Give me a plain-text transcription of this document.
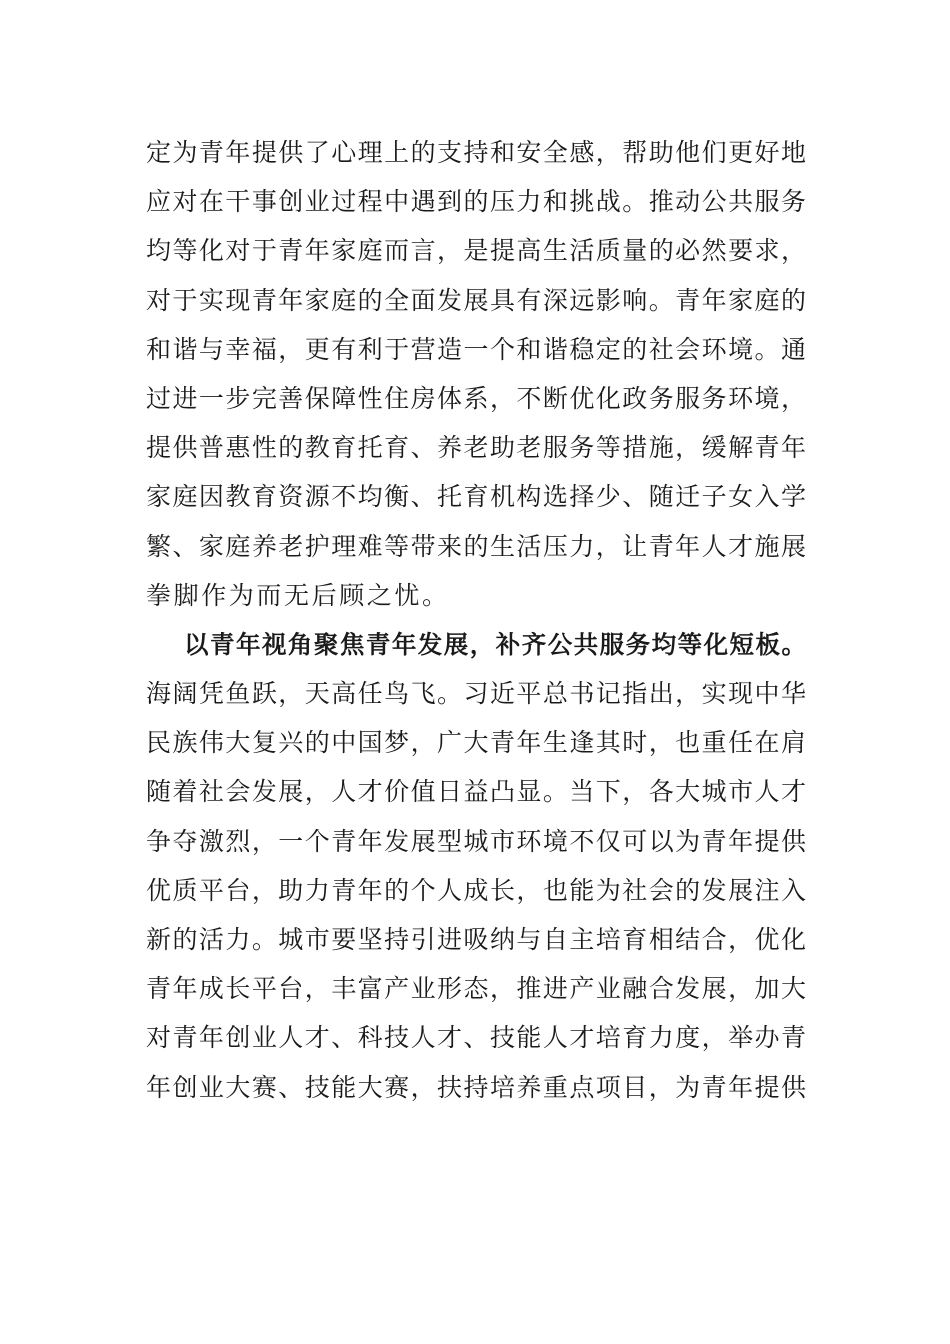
定为青年提供了心理上的支持和安全感，帮助他们更好地
应对在干事创业过程中遇到的压力和挑战。推动公共服务
均等化对于青年家庭而言，是提高生活质量的必然要求，
对于实现青年家庭的全面发展具有深远影响。青年家庭的
和谐与幸福，更有利于营造一个和谐稳定的社会环境。通
过进一步完善保障性住房体系，不断优化政务服务环境，
提供普惠性的教育托育、养老助老服务等措施，缓解青年
家庭因教育资源不均衡、托育机构选择少、随迁子女入学
繁、家庭养老护理难等带来的生活压力，让青年人才施展
拳脚作为而无后顾之忧。
以青年视角聚焦青年发展，补齐公共服务均等化短板。
海阔凭鱼跃，天高任鸟飞。习近平总书记指出，实现中华
民族伟大复兴的中国梦，广大青年生逢其时，也重任在肩
随着社会发展，人才价值日益凸显。当下，各大城市人才
争夺激烈，一个青年发展型城市环境不仅可以为青年提供
优质平台，助力青年的个人成长，也能为社会的发展注入
新的活力。城市要坚持引进吸纳与自主培育相结合，优化
青年成长平台，丰富产业形态，推进产业融合发展，加大
对青年创业人才、科技人才、技能人才培育力度，举办青
年创业大赛、技能大赛，扶持培养重点项目，为青年提供
